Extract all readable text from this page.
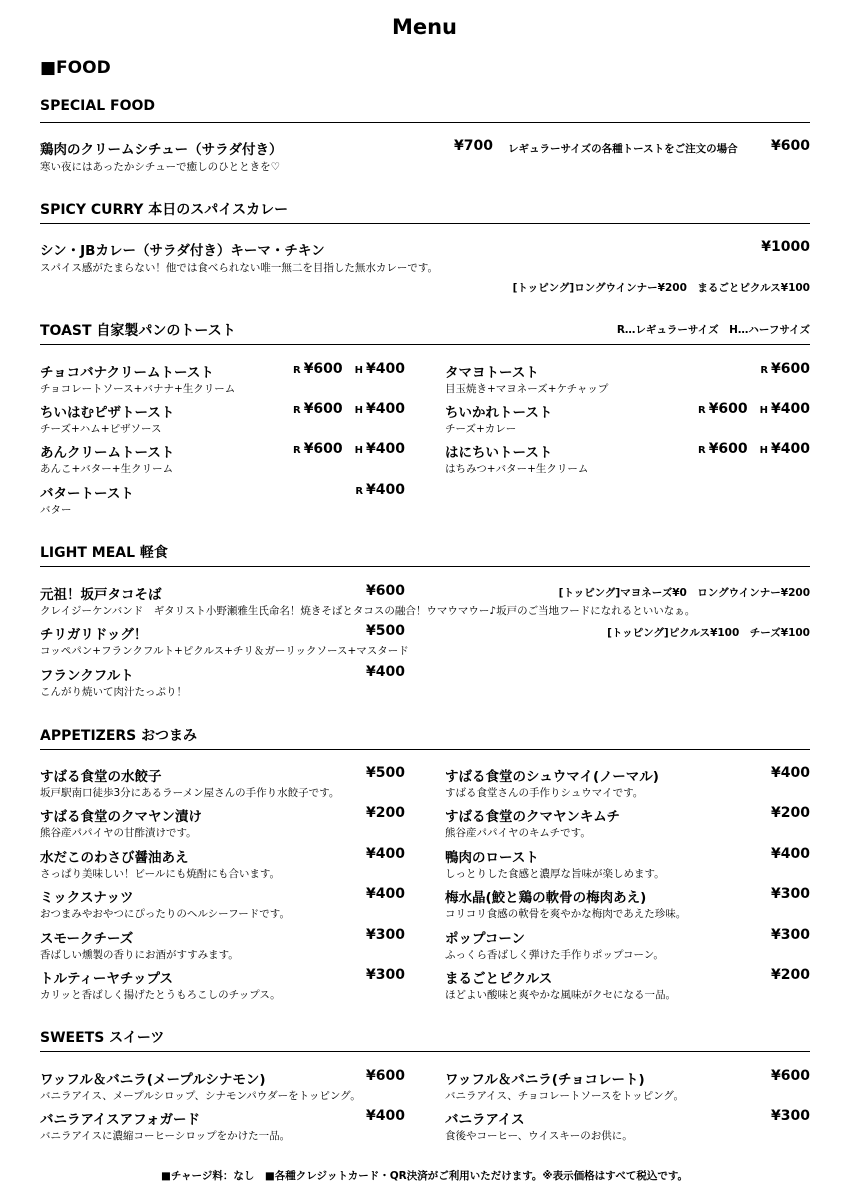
Menu
■FOOD
SPECIAL FOOD
鶏肉のクリームシチュー（サラダ付き）
寒い夜にはあったかシチューで癒しのひとときを♡
¥700 レギュラーサイズの各種トーストをご注文の場合	¥600
SPICY CURRY 本日のスパイスカレー
シン・JBカレー（サラダ付き）キーマ・チキン
スパイス感がたまらない！他では食べられない唯一無二を目指した無水カレーです。
¥1000
[トッピング]ロングウインナー¥200　まるごとピクルス¥100
TOAST 自家製パンのトースト	R…レギュラーサイズ　H…ハーフサイズ
チョコバナクリームトースト
チョコレートソース+バナナ+生クリーム
R ¥600 H ¥400
ちいはむピザトースト
チーズ+ハム+ピザソース
R ¥600 H ¥400
あんクリームトースト
あんこ+バター+生クリーム
R ¥600 H ¥400
バタートースト
バター
R ¥400
タマヨトースト
目玉焼き+マヨネーズ+ケチャップ
R ¥600
ちいかれトースト
チーズ+カレー
R ¥600 H ¥400
はにちいトースト
はちみつ+バター+生クリーム
R ¥600 H ¥400
LIGHT MEAL 軽食
元祖！坂戸タコそば	¥600	[トッピング]マヨネーズ¥0　ロングウインナー¥200
クレイジーケンバンド　ギタリスト小野瀬雅生氏命名！焼きそばとタコスの融合！ウマウマウー♪坂戸のご当地フードになれるといいなぁ。
チリガリドッグ！	¥500	[トッピング]ピクルス¥100　チーズ¥100
コッペパン+フランクフルト+ピクルス+チリ＆ガーリックソース+マスタード
フランクフルト	¥400
こんがり焼いて肉汁たっぷり！
APPETIZERS おつまみ
すばる食堂の水餃子
坂戸駅南口徒歩3分にあるラーメン屋さんの手作り水餃子です。
¥500
すばる食堂のクマヤン漬け
熊谷産パパイヤの甘酢漬けです。
¥200
水だこのわさび醤油あえ
さっぱり美味しい！ビールにも焼酎にも合います。
¥400
ミックスナッツ
おつまみやおやつにぴったりのヘルシーフードです。
¥400
スモークチーズ
香ばしい燻製の香りにお酒がすすみます。
¥300
トルティーヤチップス
カリッと香ばしく揚げたとうもろこしのチップス。
¥300
すばる食堂のシュウマイ(ノーマル)
すばる食堂さんの手作りシュウマイです。
¥400
すばる食堂のクマヤンキムチ
熊谷産パパイヤのキムチです。
¥200
鴨肉のロースト
しっとりした食感と濃厚な旨味が楽しめます。
¥400
梅水晶(鮫と鶏の軟骨の梅肉あえ)
コリコリ食感の軟骨を爽やかな梅肉であえた珍味。
¥300
ポップコーン
ふっくら香ばしく弾けた手作りポップコーン。
¥300
まるごとピクルス
ほどよい酸味と爽やかな風味がクセになる一品。
¥200
SWEETS スイーツ
ワッフル＆バニラ(メープルシナモン)
バニラアイス、メープルシロップ、シナモンパウダーをトッピング。
¥600
バニラアイスアフォガード
バニラアイスに濃縮コーヒーシロップをかけた一品。
¥400
ワッフル＆バニラ(チョコレート)
バニラアイス、チョコレートソースをトッピング。
¥600
バニラアイス
食後やコーヒー、ウイスキーのお供に。
¥300
■チャージ料：なし　■各種クレジットカード・QR決済がご利用いただけます。※表示価格はすべて税込です。
